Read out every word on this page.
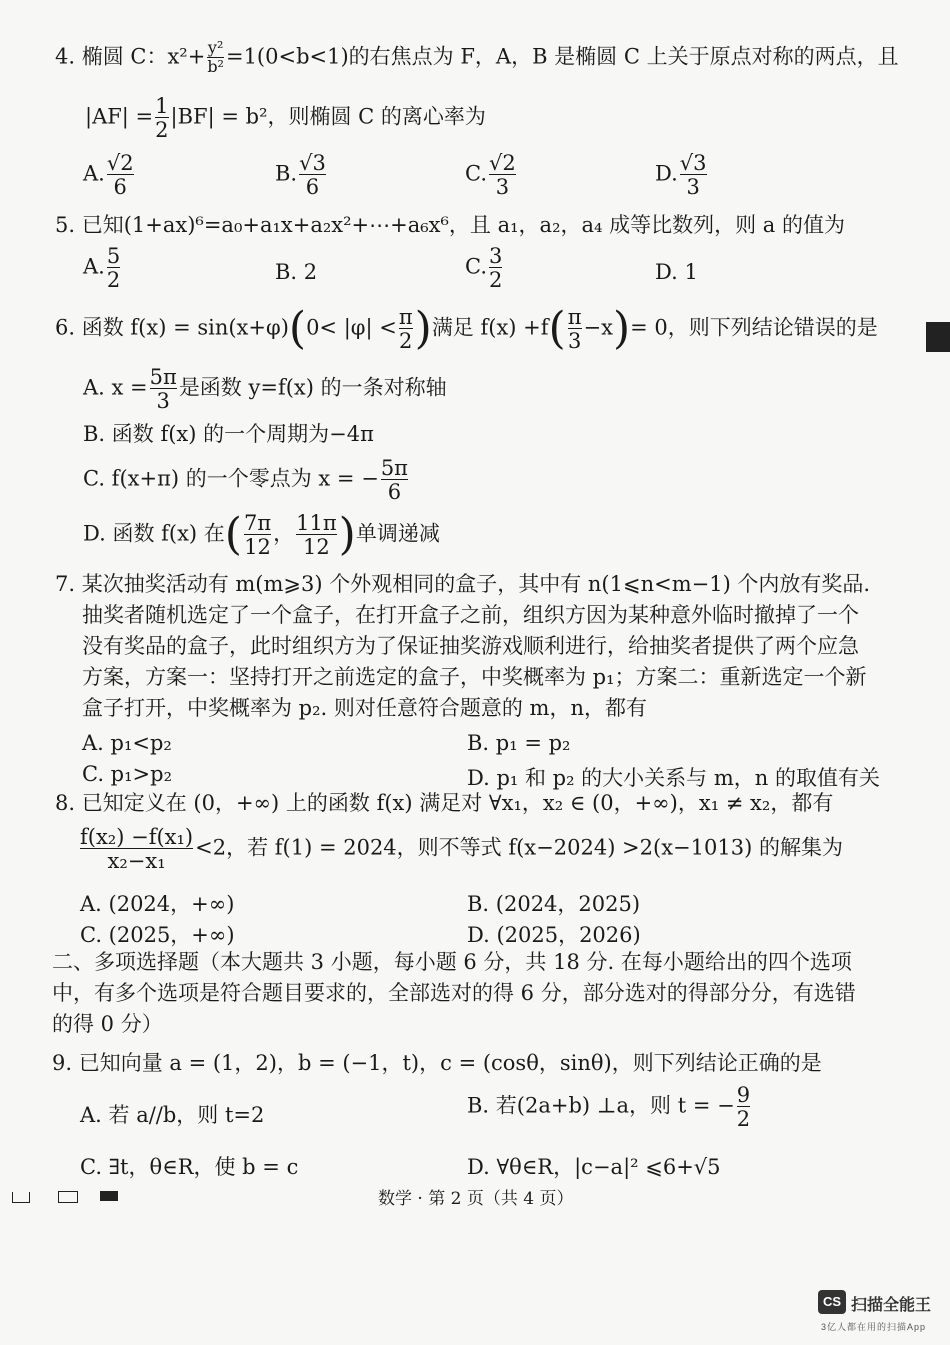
4. 椭圆 C：$x^2+ \frac{\text{y²}}{\text{b²}} =1(0<b<1)$的右焦点为 F，A，B 是椭圆 C 上关于原点对称的两点，且
$|AF| = \frac{1}{2} |BF| = b^2$，则椭圆 C 的离心率为
A. $\frac{√2}{6}$	B. $\frac{√3}{6}$	C. $\frac{√2}{3}$	D. $\frac{√3}{3}$
5. 已知(1+ax)⁶=a₀+a₁x+a₂x²+⋯+a₆x⁶，且 a₁，a₂，a₄ 成等比数列，则 a 的值为
A. $\frac{5}{2}$	B. 2	C. $\frac{3}{2}$	D. 1
6. 函数 $f(x) = \sin(x+\varphi)(0< |\varphi| < \frac{\pi}{2}$ )满足 $f(x) +f( \frac{\pi}{3} -x)= 0$，则下列结论错误的是
A. $x = \frac{5\pi}{3}$ 是函数 y=f(x) 的一条对称轴
B. 函数 f(x) 的一个周期为−4π
C. f(x+π) 的一个零点为 x = − $\frac{5\pi}{6}$
D. 函数 f(x) 在( $\frac{7\pi}{12}$ ， $\frac{11\pi}{12}$ )单调递减
7. 某次抽奖活动有 m(m⩾3) 个外观相同的盒子，其中有 n(1⩽n<m−1) 个内放有奖品.
抽奖者随机选定了一个盒子，在打开盒子之前，组织方因为某种意外临时撤掉了一个
没有奖品的盒子，此时组织方为了保证抽奖游戏顺利进行，给抽奖者提供了两个应急
方案，方案一：坚持打开之前选定的盒子，中奖概率为 p₁；方案二：重新选定一个新
盒子打开，中奖概率为 p₂. 则对任意符合题意的 m，n，都有
A. p₁<p₂	B. p₁ = p₂
C. p₁>p₂	D. p₁ 和 p₂ 的大小关系与 m，n 的取值有关
8. 已知定义在 (0，+∞) 上的函数 f(x) 满足对 ∀x₁，x₂ ∈ (0，+∞)，x₁ ≠ x₂，都有
$\frac{\text{f(x₂) −f(x₁)}}{\text{x₂−x₁}} <2$，若 f(1) = 2024，则不等式 f(x−2024) >2(x−1013) 的解集为
A. (2024，+∞)	B. (2024，2025)
C. (2025，+∞)	D. (2025，2026)
二、多项选择题（本大题共 3 小题，每小题 6 分，共 18 分. 在每小题给出的四个选项
中，有多个选项是符合题目要求的，全部选对的得 6 分，部分选对的得部分分，有选错
的得 0 分）
9. 已知向量 a = (1，2)，b = (−1，t)，c = (cosθ，sinθ)，则下列结论正确的是
A. 若 a//b，则 t=2	B. 若(2a+b) ⊥a，则 t = − $\frac{9}{2}$
C. ∃t，θ∈R，使 b = c	D. ∀θ∈R，|c−a|² ⩽6+√5
数学 · 第 2 页（共 4 页）
CS 扫描全能王
3亿人都在用的扫描App
